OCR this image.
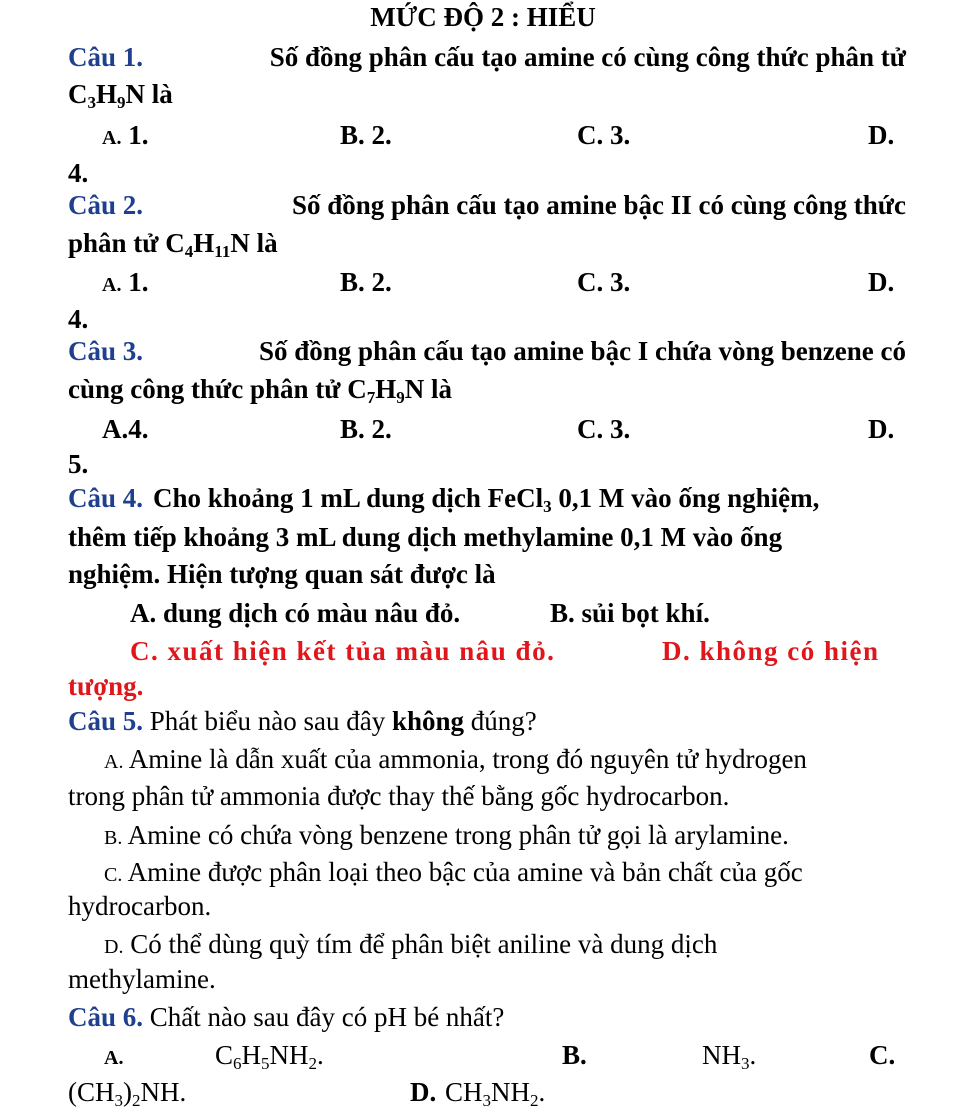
MỨC ĐỘ 2 : HIỂU
Câu 1.	Số đồng phân cấu tạo amine có cùng công thức phân tử
$C_3H_9N$ là
A. 1.	B. 2.	C. 3.	D.
4.
Câu 2.	Số đồng phân cấu tạo amine bậc II có cùng công thức
phân tử $C_4H_{11}N$ là
A. 1.	B. 2.	C. 3.	D.
4.
Câu 3.	Số đồng phân cấu tạo amine bậc I chứa vòng benzene có
cùng công thức phân tử $C_7H_9N$ là
A.4.	B. 2.	C. 3.	D.
5.
Câu 4. Cho khoảng 1 mL dung dịch FeCl$_3$ 0,1 M vào ống nghiệm,
thêm tiếp khoảng 3 mL dung dịch methylamine 0,1 M vào ống
nghiệm. Hiện tượng quan sát được là
A. dung dịch có màu nâu đỏ.	B. sủi bọt khí.
C. xuất hiện kết tủa màu nâu đỏ.	D. không có hiện
tượng.
Câu 5. Phát biểu nào sau đây không đúng?
A. Amine là dẫn xuất của ammonia, trong đó nguyên tử hydrogen
trong phân tử ammonia được thay thế bằng gốc hydrocarbon.
B. Amine có chứa vòng benzene trong phân tử gọi là arylamine.
C. Amine được phân loại theo bậc của amine và bản chất của gốc
hydrocarbon.
D. Có thể dùng quỳ tím để phân biệt aniline và dung dịch
methylamine.
Câu 6. Chất nào sau đây có pH bé nhất?
A.	$C_6H_5NH_2$.	B.	$NH_3$.	C.
$(CH_3)_2NH$.	D. $CH_3NH_2$.
